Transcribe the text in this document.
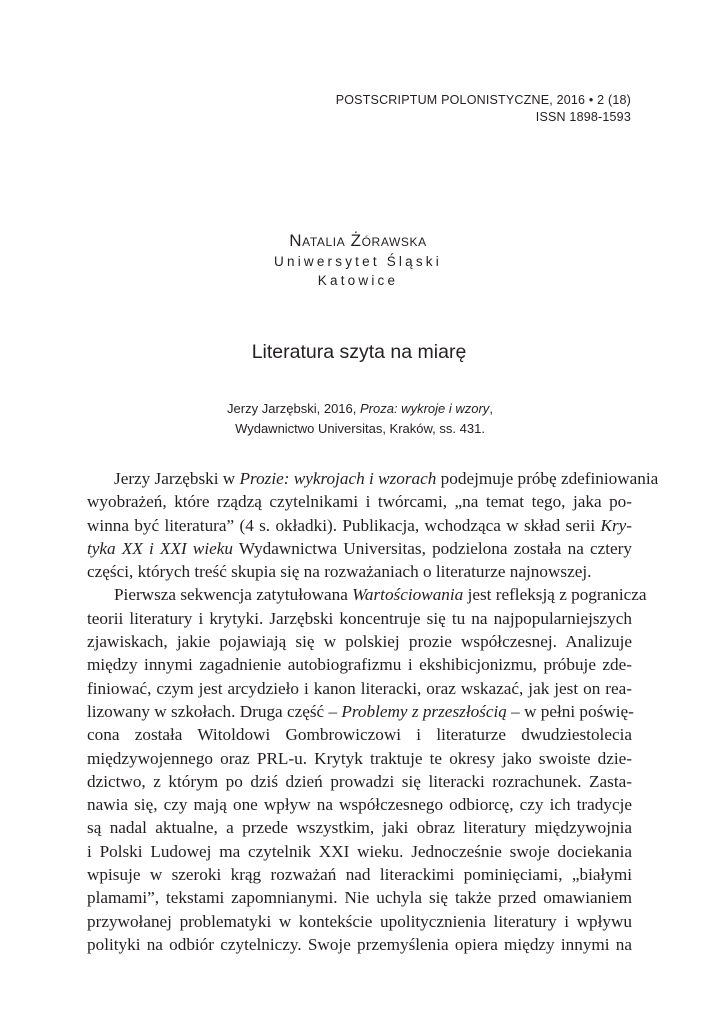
POSTSCRIPTUM POLONISTYCZNE, 2016 • 2 (18)
ISSN 1898-1593
Natalia Żórawska
Uniwersytet Śląski
Katowice
Literatura szyta na miarę
Jerzy Jarzębski, 2016, Proza: wykroje i wzory,
Wydawnictwo Universitas, Kraków, ss. 431.
Jerzy Jarzębski w Prozie: wykrojach i wzorach podejmuje próbę zdefiniowania
wyobrażeń, które rządzą czytelnikami i twórcami, „na temat tego, jaka po-
winna być literatura” (4 s. okładki). Publikacja, wchodząca w skład serii Kry-
tyka XX i XXI wieku Wydawnictwa Universitas, podzielona została na cztery
części, których treść skupia się na rozważaniach o literaturze najnowszej.
Pierwsza sekwencja zatytułowana Wartościowania jest refleksją z pogranicza
teorii literatury i krytyki. Jarzębski koncentruje się tu na najpopularniejszych
zjawiskach, jakie pojawiają się w polskiej prozie współczesnej. Analizuje
między innymi zagadnienie autobiografizmu i ekshibicjonizmu, próbuje zde-
finiować, czym jest arcydzieło i kanon literacki, oraz wskazać, jak jest on rea-
lizowany w szkołach. Druga część – Problemy z przeszłością – w pełni poświę-
cona została Witoldowi Gombrowiczowi i literaturze dwudziestolecia
międzywojennego oraz PRL-u. Krytyk traktuje te okresy jako swoiste dzie-
dzictwo, z którym po dziś dzień prowadzi się literacki rozrachunek. Zasta-
nawia się, czy mają one wpływ na współczesnego odbiorcę, czy ich tradycje
są nadal aktualne, a przede wszystkim, jaki obraz literatury międzywojnia
i Polski Ludowej ma czytelnik XXI wieku. Jednocześnie swoje dociekania
wpisuje w szeroki krąg rozważań nad literackimi pominięciami, „białymi
plamami”, tekstami zapomnianymi. Nie uchyla się także przed omawianiem
przywołanej problematyki w kontekście upolitycznienia literatury i wpływu
polityki na odbiór czytelniczy. Swoje przemyślenia opiera między innymi na
